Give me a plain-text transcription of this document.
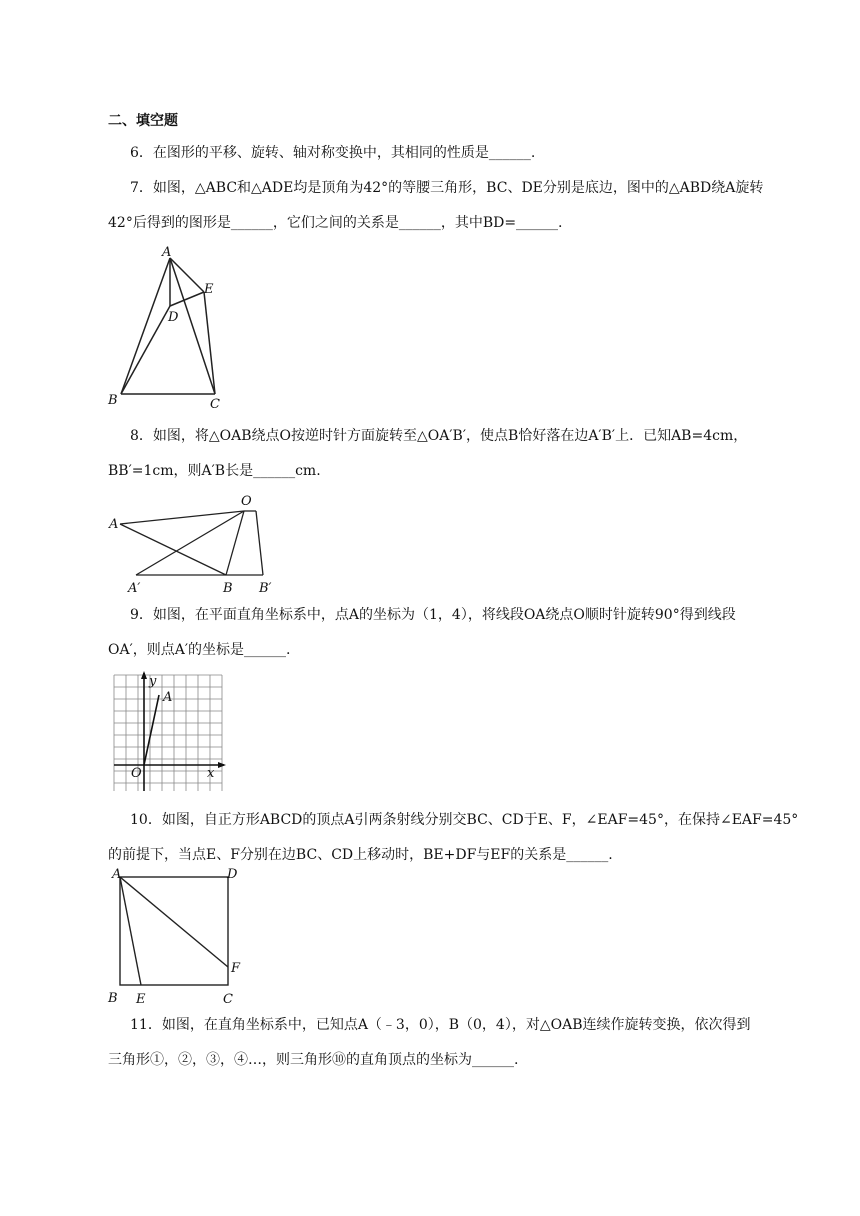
二、填空题
6．在图形的平移、旋转、轴对称变换中，其相同的性质是______.
7．如图，△ABC和△ADE均是顶角为42°的等腰三角形，BC、DE分别是底边，图中的△ABD绕A旋转
42°后得到的图形是______，它们之间的关系是______，其中BD=______.
A
E
D
B	C
8．如图，将△OAB绕点O按逆时针方面旋转至△OA′B′，使点B恰好落在边A′B′上．已知AB=4cm，
BB′=1cm，则A′B长是______cm.
O
A
A′	B B′
9．如图，在平面直角坐标系中，点A的坐标为（1，4），将线段OA绕点O顺时针旋转90°得到线段
OA′，则点A′的坐标是______.
y
A
O	x
10．如图，自正方形ABCD的顶点A引两条射线分别交BC、CD于E、F，∠EAF=45°，在保持∠EAF=45°
的前提下，当点E、F分别在边BC、CD上移动时，BE+DF与EF的关系是______.
A	D
F
B E	C
11．如图，在直角坐标系中，已知点A（﹣3，0），B（0，4），对△OAB连续作旋转变换，依次得到
三角形①，②，③，④…，则三角形⑩的直角顶点的坐标为______.
